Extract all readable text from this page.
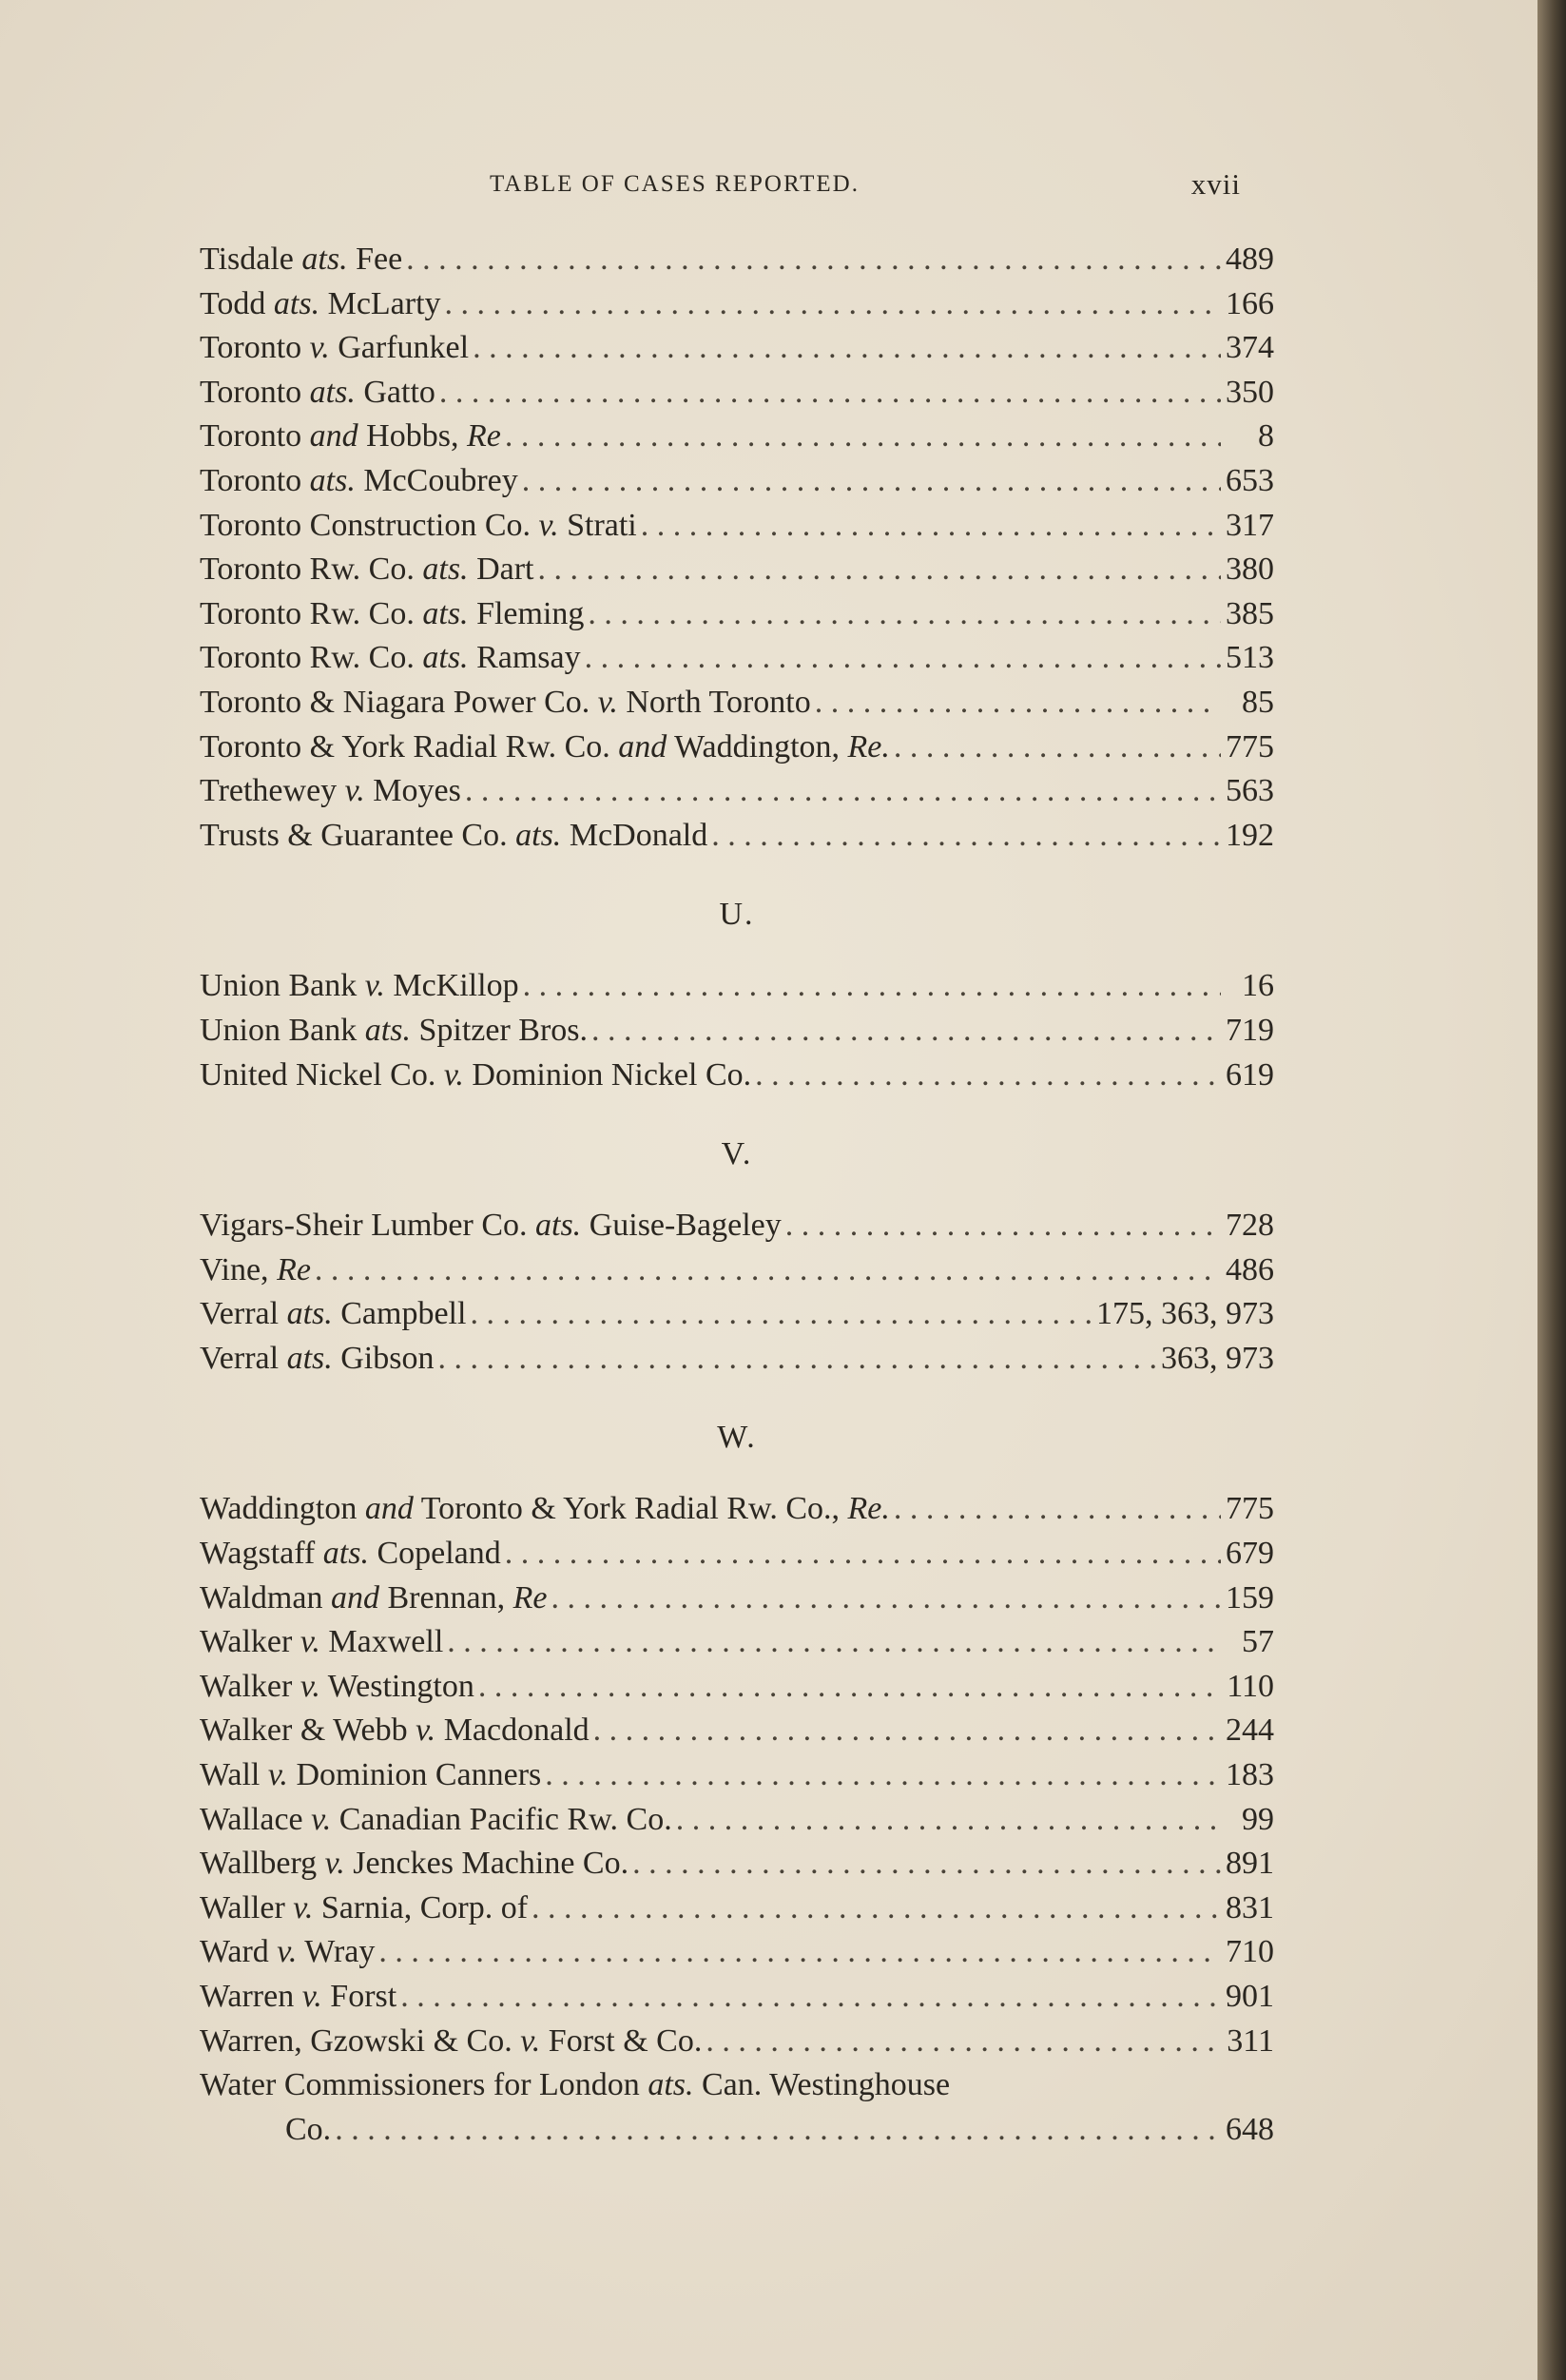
TABLE OF CASES REPORTED.	xvii
Tisdale ats. Fee . . .	489
Todd ats. McLarty . . .	166
Toronto v. Garfunkel . . .	374
Toronto ats. Gatto . . .	350
Toronto and Hobbs, Re . . .	8
Toronto ats. McCoubrey . . .	653
Toronto Construction Co. v. Strati . . .	317
Toronto Rw. Co. ats. Dart . . .	380
Toronto Rw. Co. ats. Fleming . . .	385
Toronto Rw. Co. ats. Ramsay . . .	513
Toronto & Niagara Power Co. v. North Toronto . . .	85
Toronto & York Radial Rw. Co. and Waddington, Re. . . .	775
Trethewey v. Moyes . . .	563
Trusts & Guarantee Co. ats. McDonald . . .	192
U.
Union Bank v. McKillop . . .	16
Union Bank ats. Spitzer Bros. . . .	719
United Nickel Co. v. Dominion Nickel Co. . . .	619
V.
Vigars-Sheir Lumber Co. ats. Guise-Bageley . . .	728
Vine, Re . . .	486
Verral ats. Campbell . . .	175, 363, 973
Verral ats. Gibson . . .	363, 973
W.
Waddington and Toronto & York Radial Rw. Co., Re. . . .	775
Wagstaff ats. Copeland . . .	679
Waldman and Brennan, Re . . .	159
Walker v. Maxwell . . .	57
Walker v. Westington . . .	110
Walker & Webb v. Macdonald . . .	244
Wall v. Dominion Canners . . .	183
Wallace v. Canadian Pacific Rw. Co. . . .	99
Wallberg v. Jenckes Machine Co. . . .	891
Waller v. Sarnia, Corp. of . . .	831
Ward v. Wray . . .	710
Warren v. Forst . . .	901
Warren, Gzowski & Co. v. Forst & Co. . . .	311
Water Commissioners for London ats. Can. Westinghouse
Co. . . .	648
